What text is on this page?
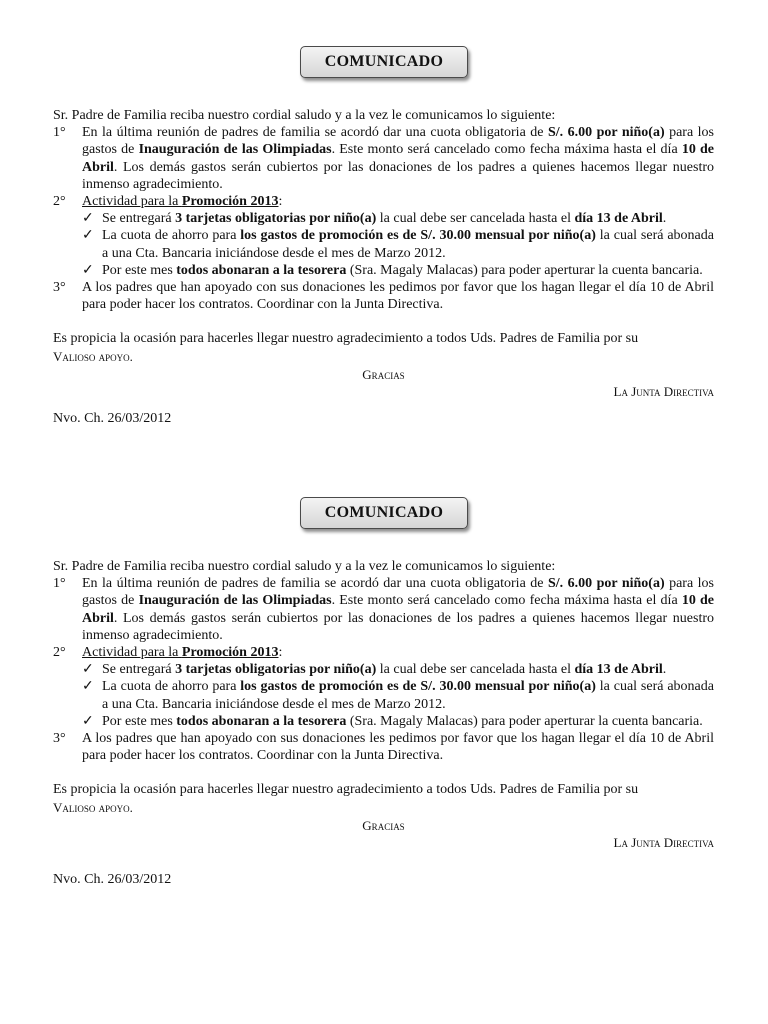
COMUNICADO
Sr. Padre de Familia reciba nuestro cordial saludo y a la vez le comunicamos lo siguiente:
1°	En la última reunión de padres de familia se acordó dar una cuota obligatoria de S/. 6.00 por niño(a) para los gastos de Inauguración de las Olimpiadas. Este monto será cancelado como fecha máxima hasta el día 10 de Abril. Los demás gastos serán cubiertos por las donaciones de los padres a quienes hacemos llegar nuestro inmenso agradecimiento.
2°	Actividad para la Promoción 2013:
✓ Se entregará 3 tarjetas obligatorias por niño(a) la cual debe ser cancelada hasta el día 13 de Abril.
✓ La cuota de ahorro para los gastos de promoción es de S/. 30.00 mensual por niño(a) la cual será abonada a una Cta. Bancaria iniciándose desde el mes de Marzo 2012.
✓ Por este mes todos abonaran a la tesorera (Sra. Magaly Malacas) para poder aperturar la cuenta bancaria.
3°	A los padres que han apoyado con sus donaciones les pedimos por favor que los hagan llegar el día 10 de Abril para poder hacer los contratos. Coordinar con la Junta Directiva.
Es propicia la ocasión para hacerles llegar nuestro agradecimiento a todos Uds. Padres de Familia por su
Valioso apoyo.
Gracias
La Junta Directiva
Nvo. Ch. 26/03/2012
COMUNICADO
Sr. Padre de Familia reciba nuestro cordial saludo y a la vez le comunicamos lo siguiente:
1°	En la última reunión de padres de familia se acordó dar una cuota obligatoria de S/. 6.00 por niño(a) para los gastos de Inauguración de las Olimpiadas. Este monto será cancelado como fecha máxima hasta el día 10 de Abril. Los demás gastos serán cubiertos por las donaciones de los padres a quienes hacemos llegar nuestro inmenso agradecimiento.
2°	Actividad para la Promoción 2013:
✓ Se entregará 3 tarjetas obligatorias por niño(a) la cual debe ser cancelada hasta el día 13 de Abril.
✓ La cuota de ahorro para los gastos de promoción es de S/. 30.00 mensual por niño(a) la cual será abonada a una Cta. Bancaria iniciándose desde el mes de Marzo 2012.
✓ Por este mes todos abonaran a la tesorera (Sra. Magaly Malacas) para poder aperturar la cuenta bancaria.
3°	A los padres que han apoyado con sus donaciones les pedimos por favor que los hagan llegar el día 10 de Abril para poder hacer los contratos. Coordinar con la Junta Directiva.
Es propicia la ocasión para hacerles llegar nuestro agradecimiento a todos Uds. Padres de Familia por su
Valioso apoyo.
Gracias
La Junta Directiva
Nvo. Ch. 26/03/2012
